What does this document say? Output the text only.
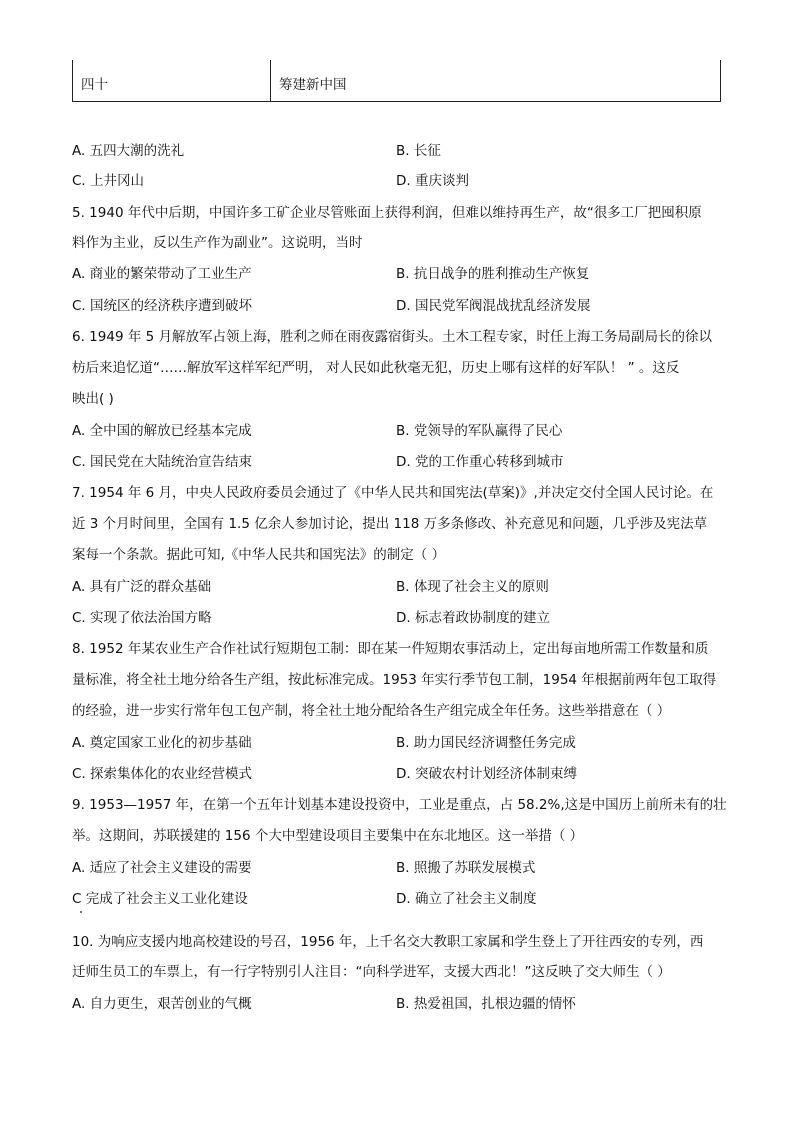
四十	筹建新中国
A. 五四大潮的洗礼	B. 长征
C. 上井冈山	D. 重庆谈判
5. 1940 年代中后期，中国许多工矿企业尽管账面上获得利润，但难以维持再生产，故“很多工厂把囤积原
料作为主业，反以生产作为副业”。这说明，当时
A. 商业的繁荣带动了工业生产	B. 抗日战争的胜利推动生产恢复
C. 国统区的经济秩序遭到破坏	D. 国民党军阀混战扰乱经济发展
6. 1949 年 5 月解放军占领上海，胜利之师在雨夜露宿街头。土木工程专家，时任上海工务局副局长的徐以
枋后来追忆道“……解放军这样军纪严明， 对人民如此秋毫无犯，历史上哪有这样的好军队！ ” 。这反
映出( )
A. 全中国的解放已经基本完成	B. 党领导的军队赢得了民心
C. 国民党在大陆统治宣告结束	D. 党的工作重心转移到城市
7. 1954 年 6 月，中央人民政府委员会通过了《中华人民共和国宪法(草案)》,并决定交付全国人民讨论。在
近 3 个月时间里，全国有 1.5 亿余人参加讨论，提出 118 万多条修改、补充意见和问题，几乎涉及宪法草
案每一个条款。据此可知,《中华人民共和国宪法》的制定（ ）
A. 具有广泛的群众基础	B. 体现了社会主义的原则
C. 实现了依法治国方略	D. 标志着政协制度的建立
8. 1952 年某农业生产合作社试行短期包工制：即在某一件短期农事活动上，定出每亩地所需工作数量和质
量标准，将全社土地分给各生产组，按此标准完成。1953 年实行季节包工制，1954 年根据前两年包工取得
的经验，进一步实行常年包工包产制，将全社土地分配给各生产组完成全年任务。这些举措意在（ ）
A. 奠定国家工业化的初步基础	B. 助力国民经济调整任务完成
C. 探索集体化的农业经营模式	D. 突破农村计划经济体制束缚
9. 1953—1957 年，在第一个五年计划基本建设投资中，工业是重点，占 58.2%,这是中国历上前所未有的壮
举。这期间，苏联援建的 156 个大中型建设项目主要集中在东北地区。这一举措（ ）
A. 适应了社会主义建设的需要	B. 照搬了苏联发展模式
C 完成了社会主义工业化建设	D. 确立了社会主义制度
10. 为响应支援内地高校建设的号召，1956 年，上千名交大教职工家属和学生登上了开往西安的专列，西
迁师生员工的车票上，有一行字特别引人注目：“向科学进军，支援大西北！”这反映了交大师生（ ）
A. 自力更生，艰苦创业的气概	B. 热爱祖国，扎根边疆的情怀
